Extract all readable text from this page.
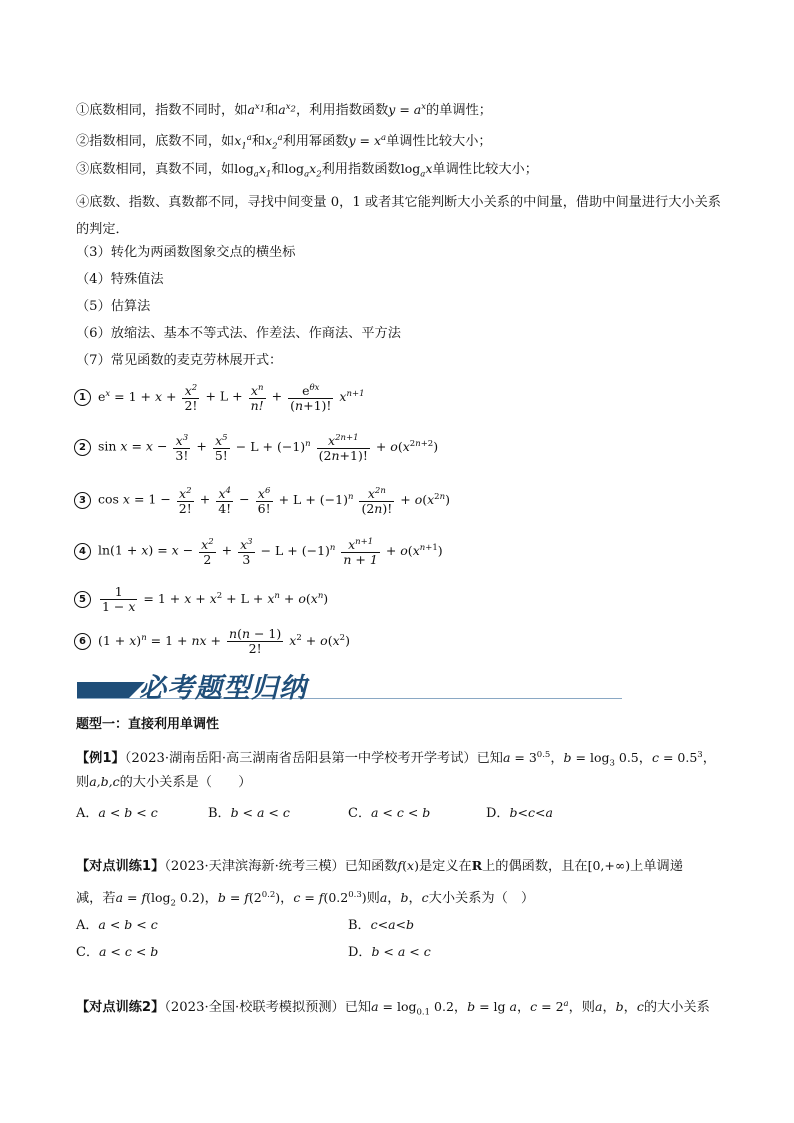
①底数相同，指数不同时，如$a^{x_1}$和$a^{x_2}$，利用指数函数$y = a^x$的单调性；
②指数相同，底数不同，如$x_1^a$和$x_2^a$利用幂函数$y = x^a$单调性比较大小；
③底数相同，真数不同，如$\log_ax_1$和$\log_ax_2$利用指数函数$\log_ax$单调性比较大小；
④底数、指数、真数都不同，寻找中间变量 0，1 或者其它能判断大小关系的中间量，借助中间量进行大小关系的判定．
（3）转化为两函数图象交点的横坐标
（4）特殊值法
（5）估算法
（6）放缩法、基本不等式法、作差法、作商法、平方法
（7）常见函数的麦克劳林展开式：
1 $e^x = 1 + x + \frac{x^2}{2!} + L + \frac{x^n}{n!}$ +	$e^{\theta x}$
(n+1)!
$x^{n+1}$
2 $\sin x = x - \frac{x^3}{3!} + \frac{x^5}{5!} - L + (-1)^n \frac{x^{2n+1}}{(2n+1)!} + o(x^{2n+2})$
3 $\cos x = 1 - \frac{x^2}{2!} + \frac{x^4}{4!} - \frac{x^6}{6!} + L + (-1)^n \frac{x^{2n}}{(2n)!} + o(x^{2n})$
4 $\ln(1 + x) = x - \frac{x^2}{2} + \frac{x^3}{3} - L + (-1)^n \frac{x^{n+1}}{n + 1} + o(x^{n+1})$
$5 \frac{1}{1 - x} = 1 + x + x^2 + L + x^n + o(x^n)$
6 $(1 + x)^n = 1$ + nx + $\frac{n(n - 1)}{2!} x^2 + o(x^2)$
必考题型归纳
题型一：直接利用单调性
【例1】（2023·湖南岳阳·高三湖南省岳阳县第一中学校考开学考试）已知$a = 3^{0.5}$，$b = \log_3 0.5$，$c = 0.5^3$，
则a,b,c的大小关系是（　　）
A．a < b < c	B．b < a < c	C．a < c < b	D．b<c<a
【对点训练1】（2023·天津滨海新·统考三模）已知函数f(x)是定义在R上的偶函数，且在[0,+∞)上单调递
减，若$a = f(\log_2$ 0.2)，$b = f(2^{0.2})$，$c = f(0.2^{0.3})$则a，b，c大小关系为（　）
A．a < b < c	B．c<a<b
C．a < c < b	D．b < a < c
【对点训练2】（2023·全国·校联考模拟预测）已知$a = \log_{0.1} 0.2$，b = lg a，$c = 2^a$，则a，b，c的大小关系
